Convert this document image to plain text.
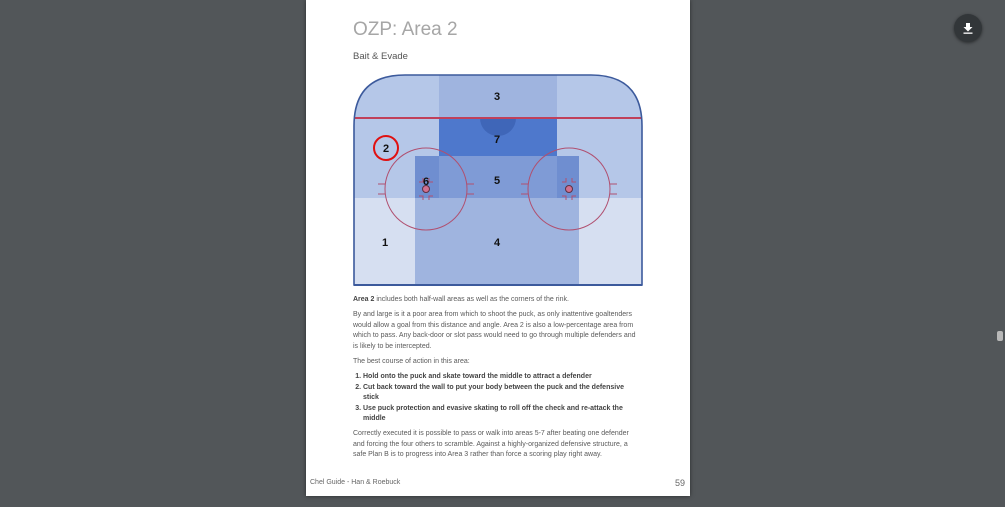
OZP: Area 2
Bait & Evade
1
2
3
4
5
6
7

Area 2 includes both half-wall areas as well as the corners of the rink.

By and large is it a poor area from which to shoot the puck, as only inattentive goaltenders would allow a goal from this distance and angle. Area 2 is also a low-percentage area from which to pass. Any back-door or slot pass would need to go through multiple defenders and is likely to be intercepted.

The best course of action in this area:

1. Hold onto the puck and skate toward the middle to attract a defender
2. Cut back toward the wall to put your body between the puck and the defensive stick
3. Use puck protection and evasive skating to roll off the check and re-attack the middle

Correctly executed it is possible to pass or walk into areas 5-7 after beating one defender and forcing the four others to scramble. Against a highly-organized defensive structure, a safe Plan B is to progress into Area 3 rather than force a scoring play right away.

Chel Guide - Han & Roebuck	59
